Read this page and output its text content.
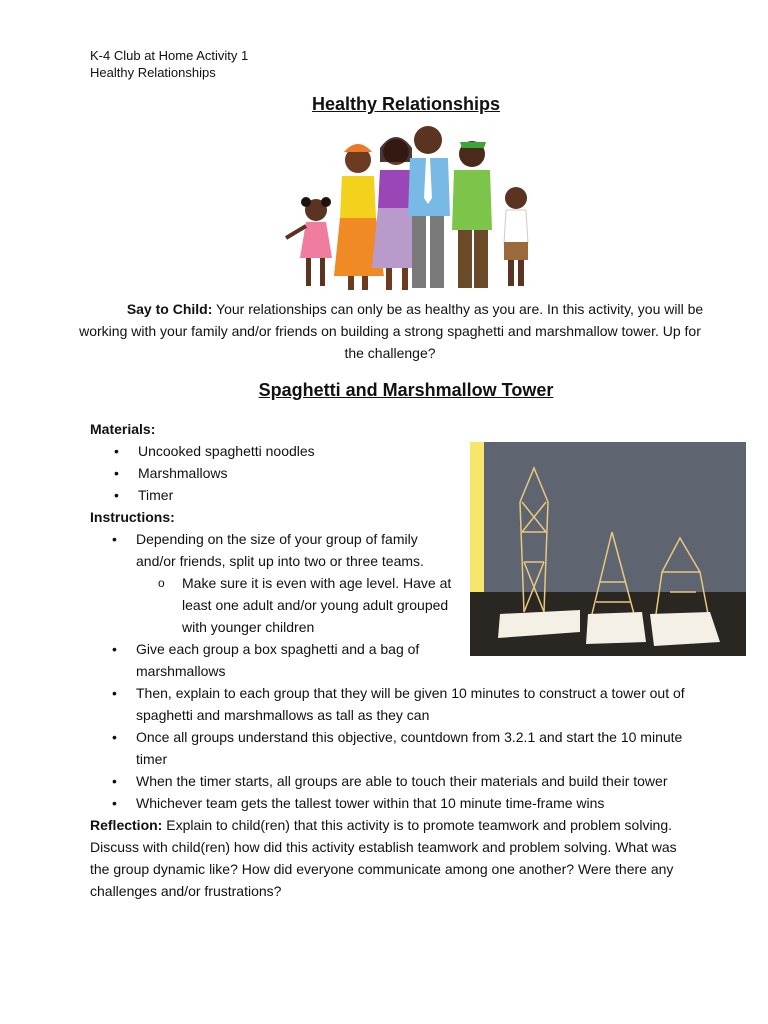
K-4 Club at Home Activity 1
Healthy Relationships
Healthy Relationships
Say to Child: Your relationships can only be as healthy as you are. In this activity, you will be working with your family and/or friends on building a strong spaghetti and marshmallow tower. Up for the challenge?
Spaghetti and Marshmallow Tower
Materials:
• Uncooked spaghetti noodles
• Marshmallows
• Timer
Instructions:
• Depending on the size of your group of family and/or friends, split up into two or three teams.
o Make sure it is even with age level. Have at least one adult and/or young adult grouped with younger children
• Give each group a box spaghetti and a bag of marshmallows
• Then, explain to each group that they will be given 10 minutes to construct a tower out of spaghetti and marshmallows as tall as they can
• Once all groups understand this objective, countdown from 3.2.1 and start the 10 minute timer
• When the timer starts, all groups are able to touch their materials and build their tower
• Whichever team gets the tallest tower within that 10 minute time-frame wins
Reflection: Explain to child(ren) that this activity is to promote teamwork and problem solving. Discuss with child(ren) how did this activity establish teamwork and problem solving. What was the group dynamic like? How did everyone communicate among one another? Were there any challenges and/or frustrations?
